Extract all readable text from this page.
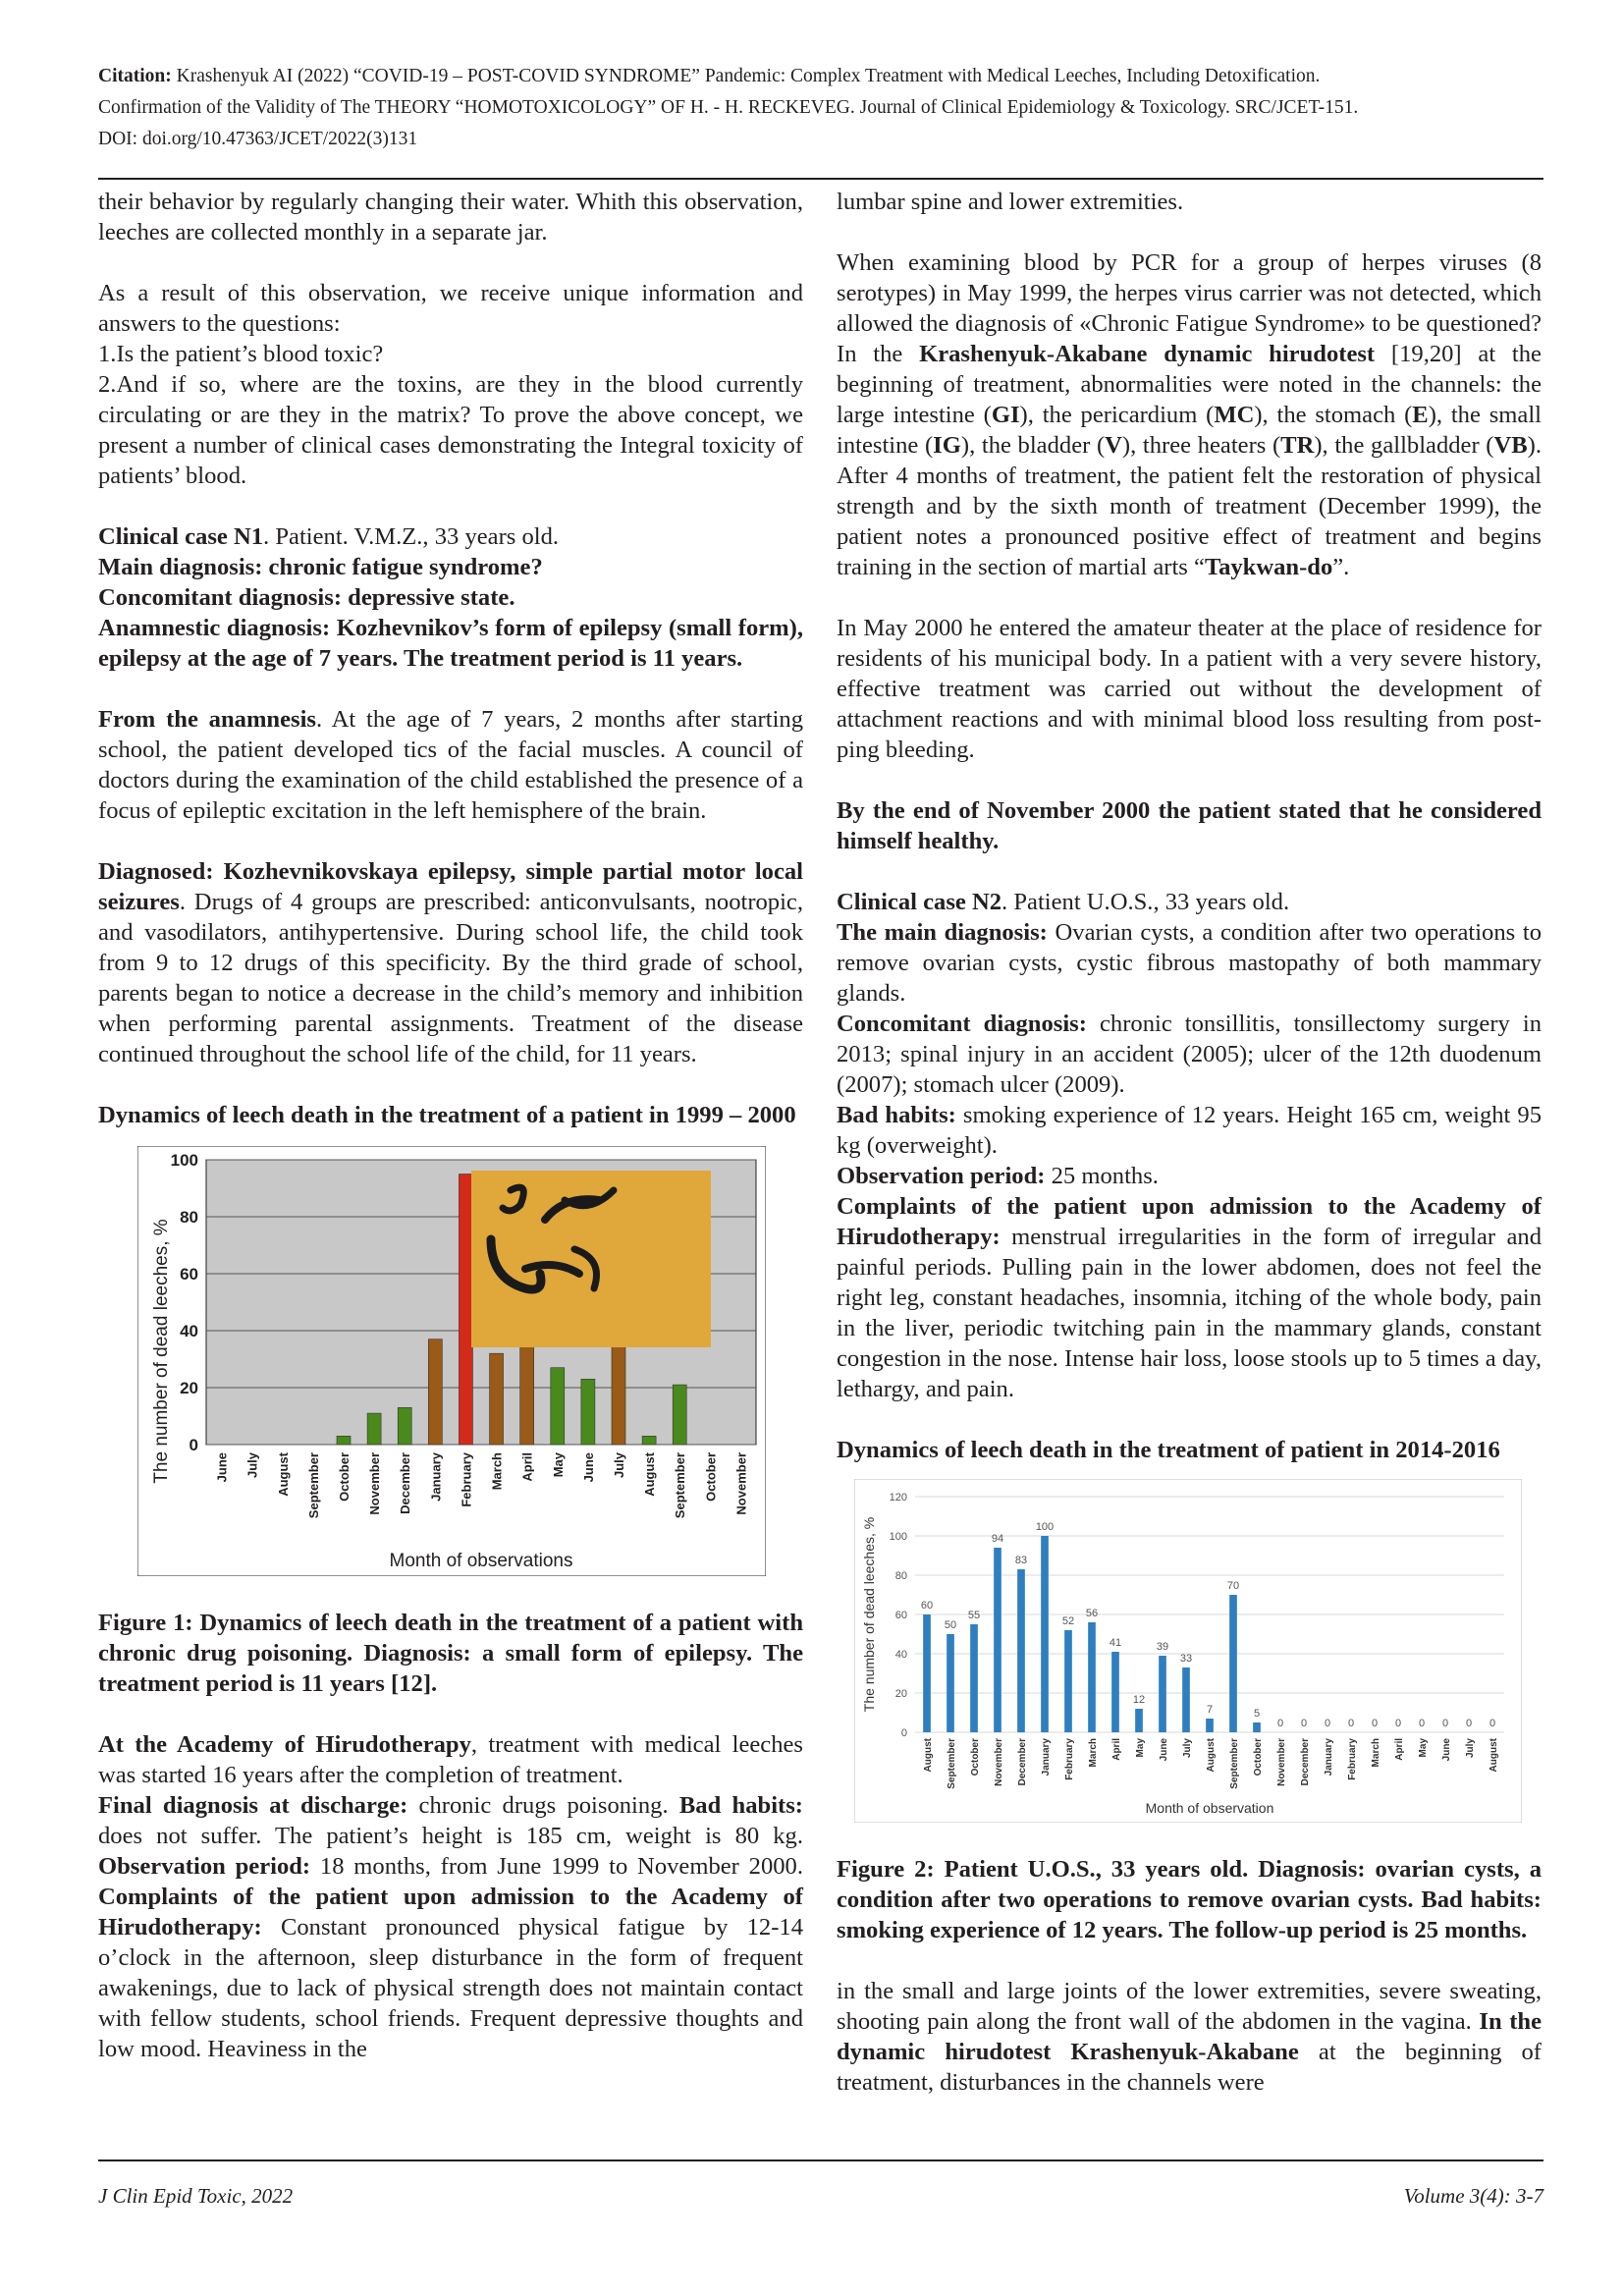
Citation: Krashenyuk AI (2022) “COVID-19 – POST-COVID SYNDROME” Pandemic: Complex Treatment with Medical Leeches, Including Detoxification.
Confirmation of the Validity of The THEORY “HOMOTOXICOLOGY” OF H. - H. RECKEVEG. Journal of Clinical Epidemiology & Toxicology. SRC/JCET-151.
DOI: doi.org/10.47363/JCET/2022(3)131

their behavior by regularly changing their water. Whith this observation, leeches are collected monthly in a separate jar.

As a result of this observation, we receive unique information and answers to the questions:
1.Is the patient’s blood toxic?
2.And if so, where are the toxins, are they in the blood currently circulating or are they in the matrix? To prove the above concept, we present a number of clinical cases demonstrating the Integral toxicity of patients’ blood.

Clinical case N1. Patient. V.M.Z., 33 years old.

Main diagnosis: chronic fatigue syndrome?

Concomitant diagnosis: depressive state.

Anamnestic diagnosis: Kozhevnikov’s form of epilepsy (small form), epilepsy at the age of 7 years. The treatment period is 11 years.

From the anamnesis. At the age of 7 years, 2 months after starting school, the patient developed tics of the facial muscles. A council of doctors during the examination of the child established the presence of a focus of epileptic excitation in the left hemisphere of the brain.

Diagnosed: Kozhevnikovskaya epilepsy, simple partial motor local seizures. Drugs of 4 groups are prescribed: anticonvulsants, nootropic, and vasodilators, antihypertensive. During school life, the child took from 9 to 12 drugs of this specificity. By the third grade of school, parents began to notice a decrease in the child’s memory and inhibition when performing parental assignments. Treatment of the disease continued throughout the school life of the child, for 11 years.

Dynamics of leech death in the treatment of a patient in 1999 – 2000

0
20
40
60
80
100
June July August September October November December January February March April May June July August September October November
Month of observations
The number of dead leeches, %

Figure 1: Dynamics of leech death in the treatment of a patient with chronic drug poisoning. Diagnosis: a small form of epilepsy. The treatment period is 11 years [12].

At the Academy of Hirudotherapy, treatment with medical leeches was started 16 years after the completion of treatment.
Final diagnosis at discharge: chronic drugs poisoning. Bad habits: does not suffer. The patient’s height is 185 cm, weight is 80 kg. Observation period: 18 months, from June 1999 to November 2000. Complaints of the patient upon admission to the Academy of Hirudotherapy: Constant pronounced physical fatigue by 12-14 o’clock in the afternoon, sleep disturbance in the form of frequent awakenings, due to lack of physical strength does not maintain contact with fellow students, school friends. Frequent depressive thoughts and low mood. Heaviness in the

lumbar spine and lower extremities.

When examining blood by PCR for a group of herpes viruses (8 serotypes) in May 1999, the herpes virus carrier was not detected, which allowed the diagnosis of «Chronic Fatigue Syndrome» to be questioned? In the Krashenyuk-Akabane dynamic hirudotest [19,20] at the beginning of treatment, abnormalities were noted in the channels: the large intestine (GI), the pericardium (MC), the stomach (E), the small intestine (IG), the bladder (V), three heaters (TR), the gallbladder (VB). After 4 months of treatment, the patient felt the restoration of physical strength and by the sixth month of treatment (December 1999), the patient notes a pronounced positive effect of treatment and begins training in the section of martial arts “Taykwan-do”.

In May 2000 he entered the amateur theater at the place of residence for residents of his municipal body. In a patient with a very severe history, effective treatment was carried out without the development of attachment reactions and with minimal blood loss resulting from post-ping bleeding.

By the end of November 2000 the patient stated that he considered himself healthy.

Clinical case N2. Patient U.O.S., 33 years old.

The main diagnosis: Ovarian cysts, a condition after two operations to remove ovarian cysts, cystic fibrous mastopathy of both mammary glands.

Concomitant diagnosis: chronic tonsillitis, tonsillectomy surgery in 2013; spinal injury in an accident (2005); ulcer of the 12th duodenum (2007); stomach ulcer (2009).

Bad habits: smoking experience of 12 years. Height 165 cm, weight 95 kg (overweight).

Observation period: 25 months.

Complaints of the patient upon admission to the Academy of Hirudotherapy: menstrual irregularities in the form of irregular and painful periods. Pulling pain in the lower abdomen, does not feel the right leg, constant headaches, insomnia, itching of the whole body, pain in the liver, periodic twitching pain in the mammary glands, constant congestion in the nose. Intense hair loss, loose stools up to 5 times a day, lethargy, and pain.

Dynamics of leech death in the treatment of patient in 2014-2016

0
20
40
60
80
100
120
60
August
50
September
55
October
94
November
83
December
100
January
52
February
56
March
41
April
12
May
39
June
33
July
7
August
70
September
5
October
0
November
0
December
0
January
0
February
0
March
0
April
0
May
0
June
0
July
0
August
Month of observation
The number of dead leeches, %

Figure 2: Patient U.O.S., 33 years old. Diagnosis: ovarian cysts, a condition after two operations to remove ovarian cysts. Bad habits: smoking experience of 12 years. The follow-up period is 25 months.

in the small and large joints of the lower extremities, severe sweating, shooting pain along the front wall of the abdomen in the vagina. In the dynamic hirudotest Krashenyuk-Akabane at the beginning of treatment, disturbances in the channels were

J Clin Epid Toxic, 2022	Volume 3(4): 3-7
